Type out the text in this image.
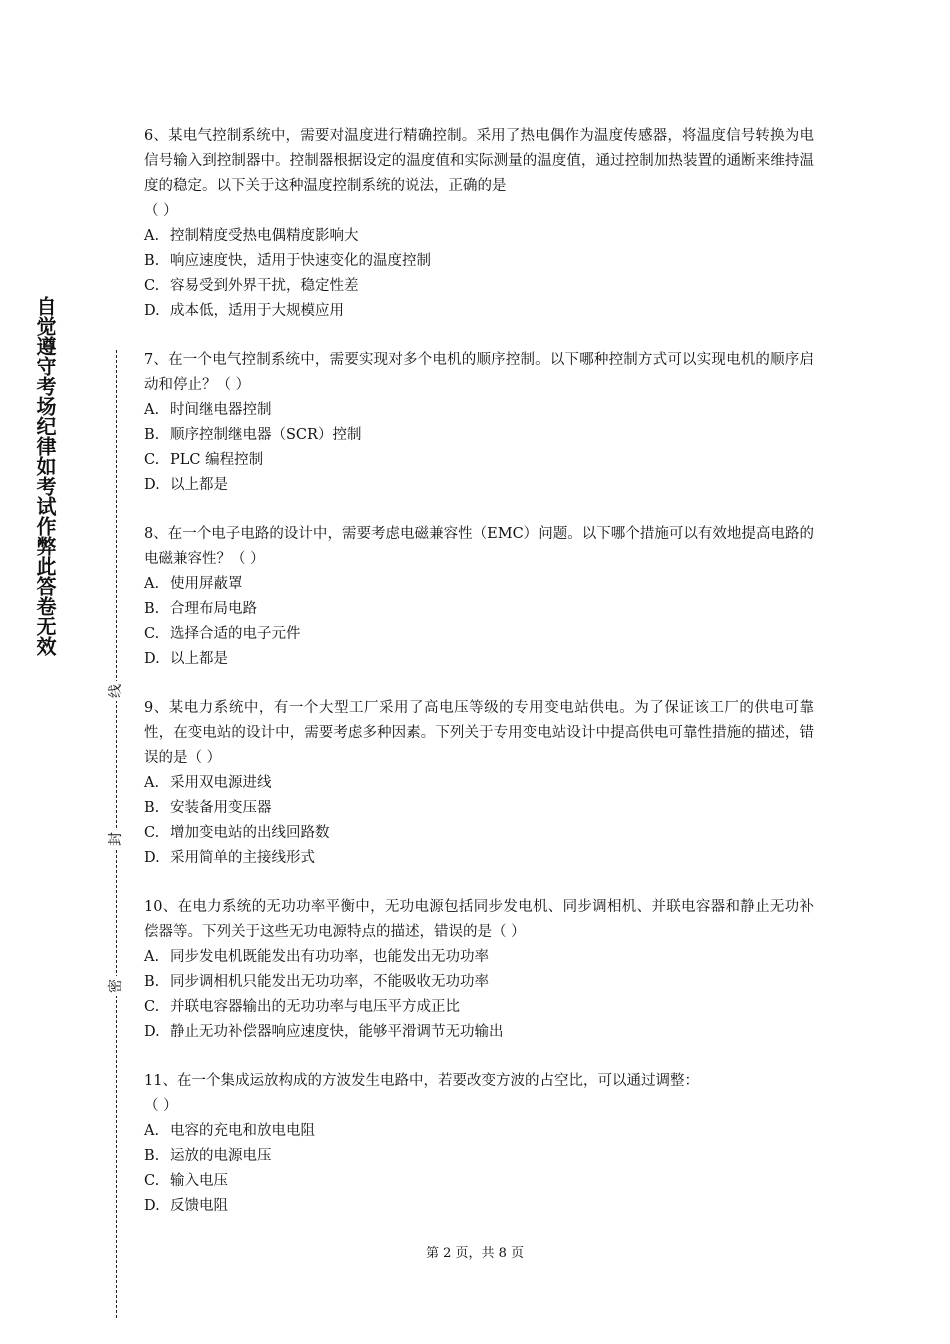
自觉遵守考场纪律如考试作弊此答卷无效
线
封
密

6、某电气控制系统中，需要对温度进行精确控制。采用了热电偶作为温度传感器，将温度信号转换为电信号输入到控制器中。控制器根据设定的温度值和实际测量的温度值，通过控制加热装置的通断来维持温度的稳定。以下关于这种温度控制系统的说法，正确的是
（ ）

A. 控制精度受热电偶精度影响大

B. 响应速度快，适用于快速变化的温度控制

C. 容易受到外界干扰，稳定性差

D. 成本低，适用于大规模应用

7、在一个电气控制系统中，需要实现对多个电机的顺序控制。以下哪种控制方式可以实现电机的顺序启动和停止？（ ）

A. 时间继电器控制

B. 顺序控制继电器（SCR）控制

C. PLC 编程控制

D. 以上都是

8、在一个电子电路的设计中，需要考虑电磁兼容性（EMC）问题。以下哪个措施可以有效地提高电路的电磁兼容性？（ ）

A. 使用屏蔽罩

B. 合理布局电路

C. 选择合适的电子元件

D. 以上都是

9、某电力系统中，有一个大型工厂采用了高电压等级的专用变电站供电。为了保证该工厂的供电可靠性，在变电站的设计中，需要考虑多种因素。下列关于专用变电站设计中提高供电可靠性措施的描述，错误的是（ ）

A. 采用双电源进线

B. 安装备用变压器

C. 增加变电站的出线回路数

D. 采用简单的主接线形式

10、在电力系统的无功功率平衡中，无功电源包括同步发电机、同步调相机、并联电容器和静止无功补偿器等。下列关于这些无功电源特点的描述，错误的是（ ）

A. 同步发电机既能发出有功功率，也能发出无功功率

B. 同步调相机只能发出无功功率，不能吸收无功功率

C. 并联电容器输出的无功功率与电压平方成正比

D. 静止无功补偿器响应速度快，能够平滑调节无功输出

11、在一个集成运放构成的方波发生电路中，若要改变方波的占空比，可以通过调整：
（ ）

A. 电容的充电和放电电阻

B. 运放的电源电压

C. 输入电压

D. 反馈电阻

第 2 页，共 8 页
